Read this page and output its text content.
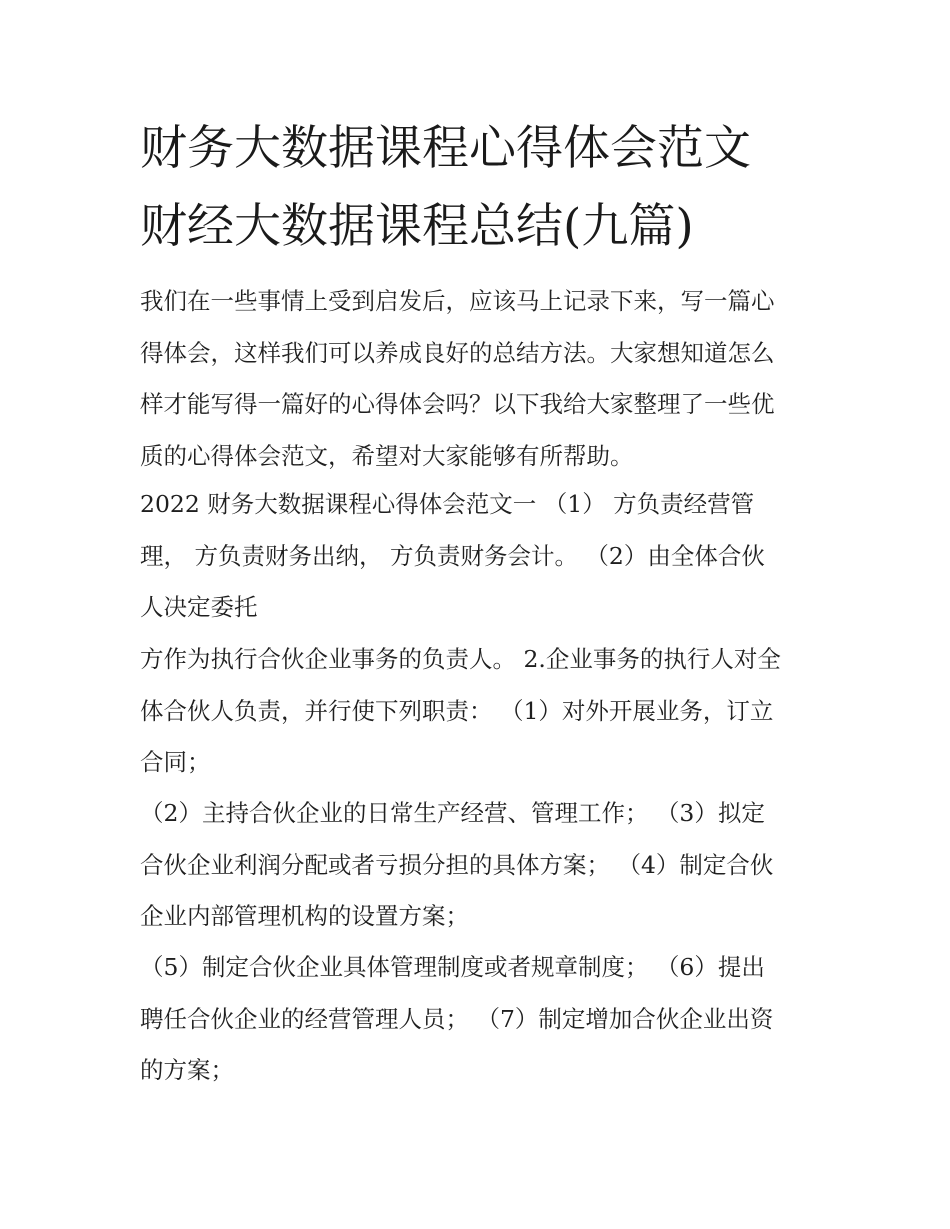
财务大数据课程心得体会范文
财经大数据课程总结(九篇)

我们在一些事情上受到启发后，应该马上记录下来，写一篇心
得体会，这样我们可以养成良好的总结方法。大家想知道怎么
样才能写得一篇好的心得体会吗？以下我给大家整理了一些优
质的心得体会范文，希望对大家能够有所帮助。

2022 财务大数据课程心得体会范文一 （1） 方负责经营管
理， 方负责财务出纳， 方负责财务会计。 （2）由全体合伙
人决定委托

方作为执行合伙企业事务的负责人。 2.企业事务的执行人对全
体合伙人负责，并行使下列职责： （1）对外开展业务，订立
合同；

（2）主持合伙企业的日常生产经营、管理工作； （3）拟定
合伙企业利润分配或者亏损分担的具体方案； （4）制定合伙
企业内部管理机构的设置方案；

（5）制定合伙企业具体管理制度或者规章制度； （6）提出
聘任合伙企业的经营管理人员； （7）制定增加合伙企业出资
的方案；
